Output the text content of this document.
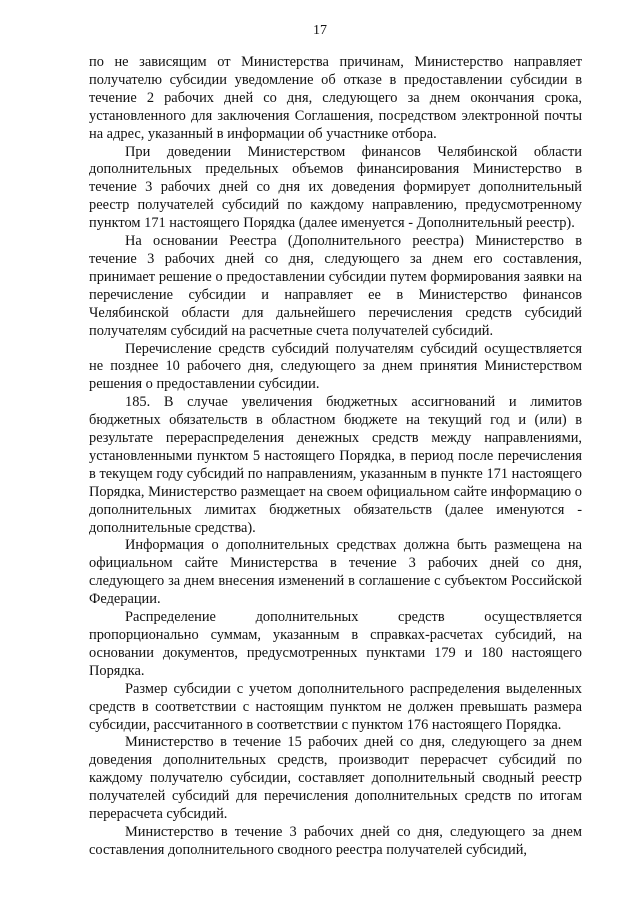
17

по не зависящим от Министерства причинам, Министерство направляет получателю субсидии уведомление об отказе в предоставлении субсидии в течение 2 рабочих дней со дня, следующего за днем окончания срока, установленного для заключения Соглашения, посредством электронной почты на адрес, указанный в информации об участнике отбора.

При доведении Министерством финансов Челябинской области дополнительных предельных объемов финансирования Министерство в течение 3 рабочих дней со дня их доведения формирует дополнительный реестр получателей субсидий по каждому направлению, предусмотренному пунктом 171 настоящего Порядка (далее именуется - Дополнительный реестр).

На основании Реестра (Дополнительного реестра) Министерство в течение 3 рабочих дней со дня, следующего за днем его составления, принимает решение о предоставлении субсидии путем формирования заявки на перечисление субсидии и направляет ее в Министерство финансов Челябинской области для дальнейшего перечисления средств субсидий получателям субсидий на расчетные счета получателей субсидий.

Перечисление средств субсидий получателям субсидий осуществляется не позднее 10 рабочего дня, следующего за днем принятия Министерством решения о предоставлении субсидии.

185. В случае увеличения бюджетных ассигнований и лимитов бюджетных обязательств в областном бюджете на текущий год и (или) в результате перераспределения денежных средств между направлениями, установленными пунктом 5 настоящего Порядка, в период после перечисления в текущем году субсидий по направлениям, указанным в пункте 171 настоящего Порядка, Министерство размещает на своем официальном сайте информацию о дополнительных лимитах бюджетных обязательств (далее именуются - дополнительные средства).

Информация о дополнительных средствах должна быть размещена на официальном сайте Министерства в течение 3 рабочих дней со дня, следующего за днем внесения изменений в соглашение с субъектом Российской Федерации.

Распределение дополнительных средств осуществляется пропорционально суммам, указанным в справках-расчетах субсидий, на основании документов, предусмотренных пунктами 179 и 180 настоящего Порядка.

Размер субсидии с учетом дополнительного распределения выделенных средств в соответствии с настоящим пунктом не должен превышать размера субсидии, рассчитанного в соответствии с пунктом 176 настоящего Порядка.

Министерство в течение 15 рабочих дней со дня, следующего за днем доведения дополнительных средств, производит перерасчет субсидий по каждому получателю субсидии, составляет дополнительный сводный реестр получателей субсидий для перечисления дополнительных средств по итогам перерасчета субсидий.

Министерство в течение 3 рабочих дней со дня, следующего за днем составления дополнительного сводного реестра получателей субсидий,
